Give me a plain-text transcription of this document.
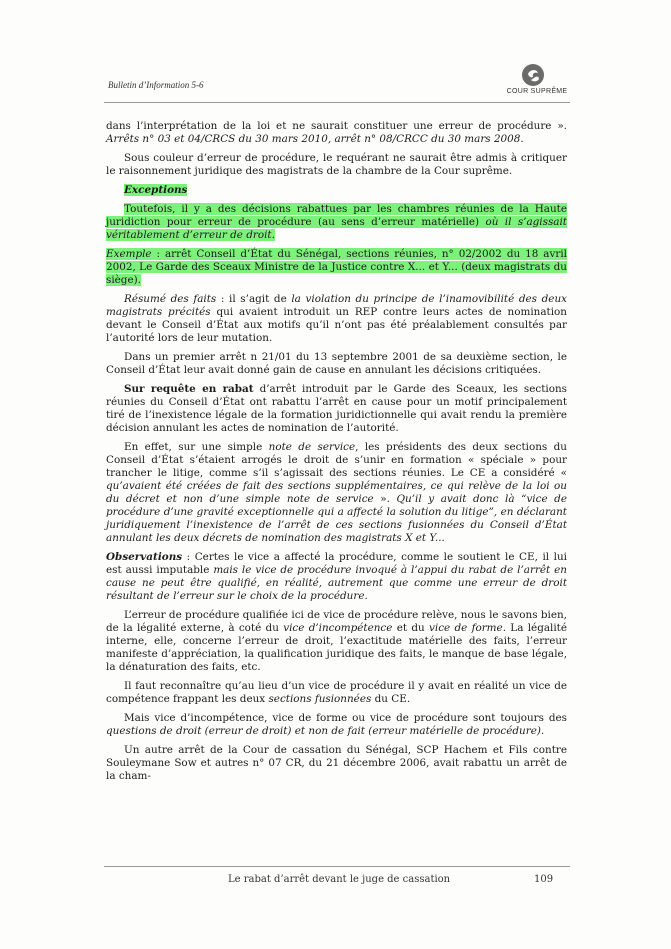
Bulletin d’Information 5-6
COUR SUPRÊME

dans l’interprétation de la loi et ne saurait constituer une erreur de procédure ». Arrêts n° 03 et 04/CRCS du 30 mars 2010, arrêt n° 08/CRCC du 30 mars 2008.

Sous couleur d’erreur de procédure, le requérant ne saurait être admis à critiquer le raisonnement juridique des magistrats de la chambre de la Cour suprême.

Exceptions

Toutefois, il y a des décisions rabattues par les chambres réunies de la Haute juridiction pour erreur de procédure (au sens d’erreur matérielle) où il s’agissait véritablement d’erreur de droit.

Exemple : arrêt Conseil d’État du Sénégal, sections réunies, n° 02/2002 du 18 avril 2002, Le Garde des Sceaux Ministre de la Justice contre X... et Y... (deux magistrats du siège).

Résumé des faits : il s’agit de la violation du principe de l’inamovibilité des deux magistrats précités qui avaient introduit un REP contre leurs actes de nomination devant le Conseil d’État aux motifs qu’il n’ont pas été préalablement consultés par l’autorité lors de leur mutation.

Dans un premier arrêt n 21/01 du 13 septembre 2001 de sa deuxième section, le Conseil d’État leur avait donné gain de cause en annulant les décisions critiquées.

Sur requête en rabat d’arrêt introduit par le Garde des Sceaux, les sections réunies du Conseil d’État ont rabattu l’arrêt en cause pour un motif principalement tiré de l’inexistence légale de la formation juridictionnelle qui avait rendu la première décision annulant les actes de nomination de l’autorité.

En effet, sur une simple note de service, les présidents des deux sections du Conseil d’État s’étaient arrogés le droit de s’unir en formation « spéciale » pour trancher le litige, comme s’il s’agissait des sections réunies. Le CE a considéré « qu’avaient été créées de fait des sections supplémentaires, ce qui relève de la loi ou du décret et non d’une simple note de service ». Qu’il y avait donc là “vice de procédure d’une gravité exceptionnelle qui a affecté la solution du litige”, en déclarant juridiquement l’inexistence de l’arrêt de ces sections fusionnées du Conseil d’État annulant les deux décrets de nomination des magistrats X et Y...

Observations : Certes le vice a affecté la procédure, comme le soutient le CE, il lui est aussi imputable mais le vice de procédure invoqué à l’appui du rabat de l’arrêt en cause ne peut être qualifié, en réalité, autrement que comme une erreur de droit résultant de l’erreur sur le choix de la procédure.

L’erreur de procédure qualifiée ici de vice de procédure relève, nous le savons bien, de la légalité externe, à coté du vice d’incompétence et du vice de forme. La légalité interne, elle, concerne l’erreur de droit, l’exactitude matérielle des faits, l’erreur manifeste d’appréciation, la qualification juridique des faits, le manque de base légale, la dénaturation des faits, etc.

Il faut reconnaître qu’au lieu d’un vice de procédure il y avait en réalité un vice de compétence frappant les deux sections fusionnées du CE.

Mais vice d’incompétence, vice de forme ou vice de procédure sont toujours des questions de droit (erreur de droit) et non de fait (erreur matérielle de procédure).

Un autre arrêt de la Cour de cassation du Sénégal, SCP Hachem et Fils contre Souleymane Sow et autres n° 07 CR, du 21 décembre 2006, avait rabattu un arrêt de la cham-

Le rabat d’arrêt devant le juge de cassation	109
